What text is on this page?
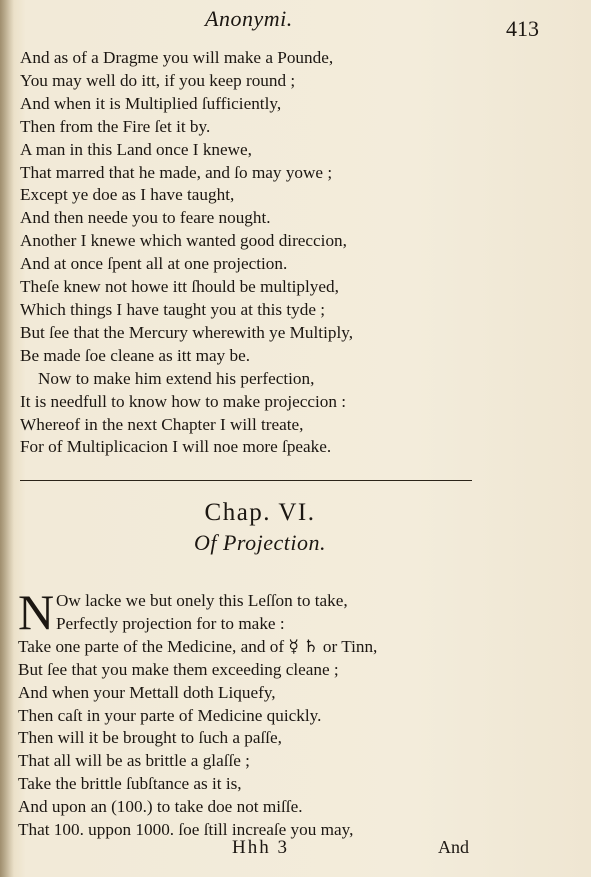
Anonymi.	413
And as of a Dragme you will make a Pounde,
You may well do itt, if you keep round ;
And when it is Multiplied ſufficiently,
Then from the Fire ſet it by.
A man in this Land once I knewe,
That marred that he made, and ſo may yowe ;
Except ye doe as I have taught,
And then neede you to feare nought.
Another I knewe which wanted good direccion,
And at once ſpent all at one projection.
Theſe knew not howe itt ſhould be multiplyed,
Which things I have taught you at this tyde ;
But ſee that the Mercury wherewith ye Multiply,
Be made ſoe cleane as itt may be.
Now to make him extend his perfection,
It is needfull to know how to make projeccion :
Whereof in the next Chapter I will treate,
For of Multiplicacion I will noe more ſpeake.
Chap. VI.
Of Projection.
N Ow lacke we but onely this Leſſon to take,
Perfectly projection for to make :
Take one parte of the Medicine, and of ☿ ♄ or Tinn,
But ſee that you make them exceeding cleane ;
And when your Mettall doth Liquefy,
Then caſt in your parte of Medicine quickly.
Then will it be brought to ſuch a paſſe,
That all will be as brittle a glaſſe ;
Take the brittle ſubſtance as it is,
And upon an (100.) to take doe not miſſe.
That 100. uppon 1000. ſoe ſtill increaſe you may,
Hhh 3	And
